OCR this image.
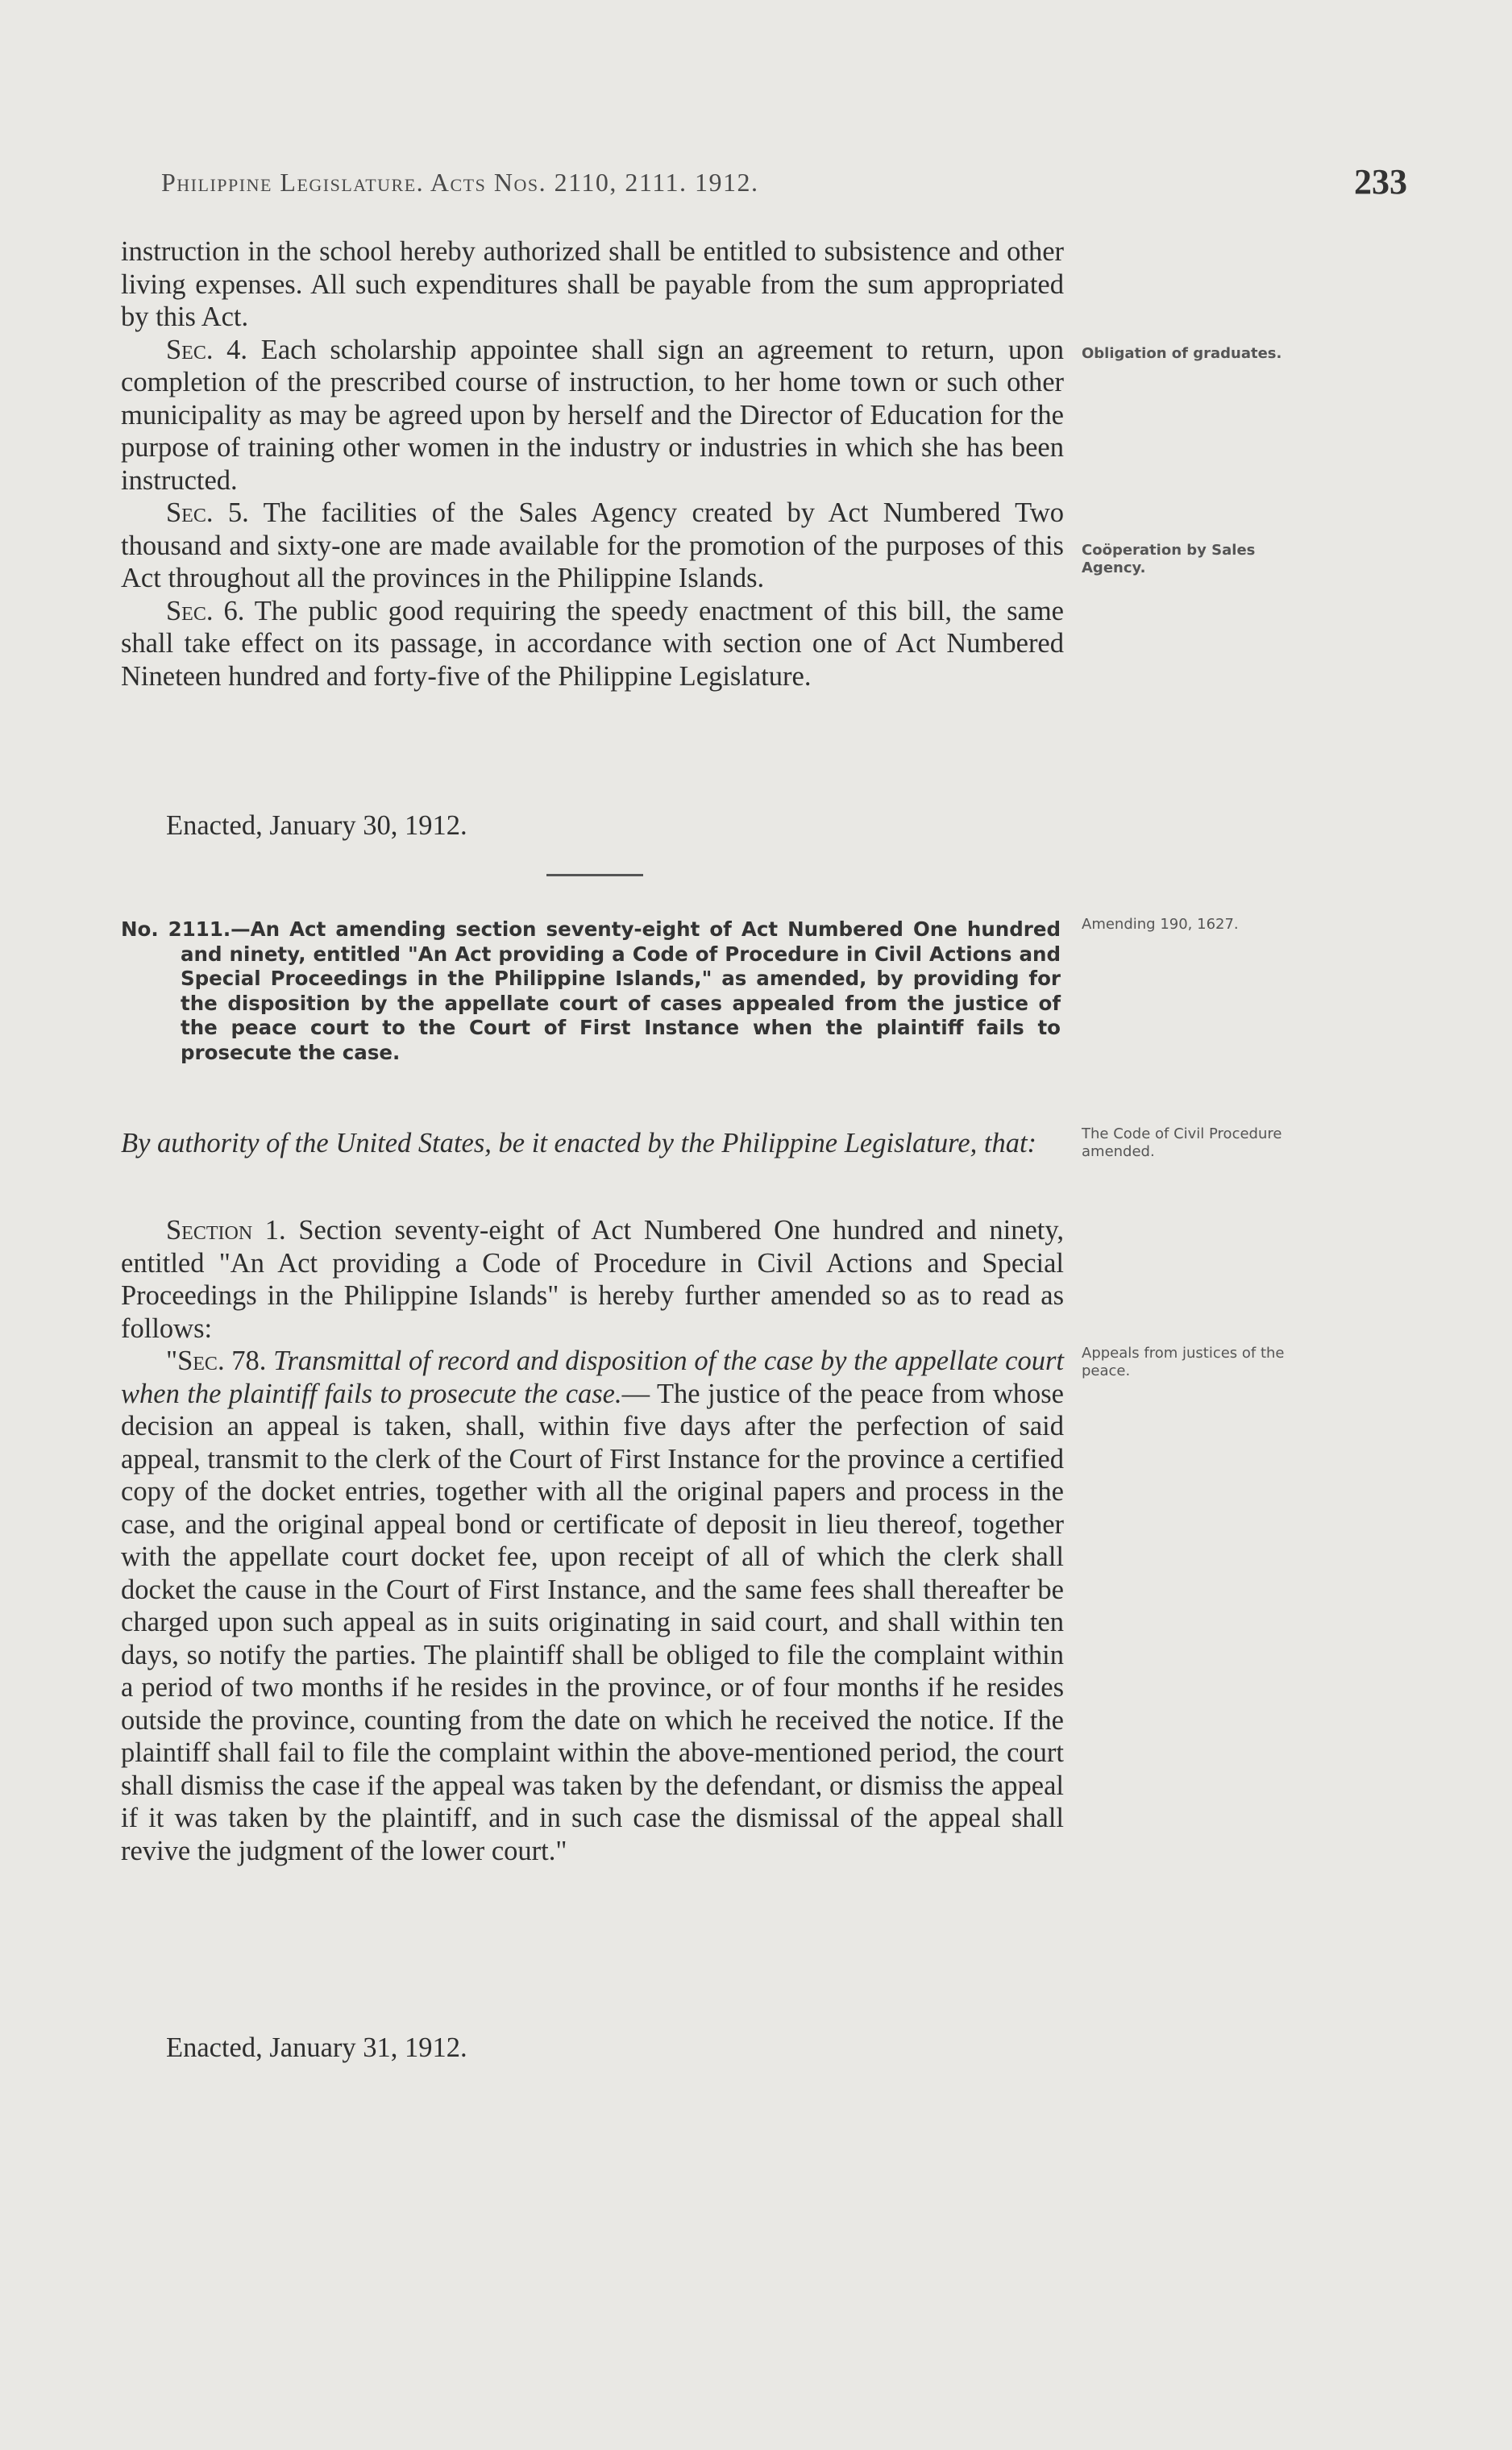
Philippine Legislature. Acts Nos. 2110, 2111. 1912.	233

instruction in the school hereby authorized shall be entitled to subsistence and other living expenses. All such expenditures shall be payable from the sum appropriated by this Act.

Sec. 4. Each scholarship appointee shall sign an agreement to return, upon completion of the prescribed course of instruction, to her home town or such other municipality as may be agreed upon by herself and the Director of Education for the purpose of training other women in the industry or industries in which she has been instructed.

Sec. 5. The facilities of the Sales Agency created by Act Numbered Two thousand and sixty-one are made available for the promotion of the purposes of this Act throughout all the provinces in the Philippine Islands.

Sec. 6. The public good requiring the speedy enactment of this bill, the same shall take effect on its passage, in accordance with section one of Act Numbered Nineteen hundred and forty-five of the Philippine Legislature.

Enacted, January 30, 1912.

No. 2111.—An Act amending section seventy-eight of Act Numbered One hundred and ninety, entitled "An Act providing a Code of Procedure in Civil Actions and Special Proceedings in the Philippine Islands," as amended, by providing for the disposition by the appellate court of cases appealed from the justice of the peace court to the Court of First Instance when the plaintiff fails to prosecute the case.

By authority of the United States, be it enacted by the Philippine Legislature, that:

Section 1. Section seventy-eight of Act Numbered One hundred and ninety, entitled "An Act providing a Code of Procedure in Civil Actions and Special Proceedings in the Philippine Islands" is hereby further amended so as to read as follows:

"Sec. 78. Transmittal of record and disposition of the case by the appellate court when the plaintiff fails to prosecute the case.— The justice of the peace from whose decision an appeal is taken, shall, within five days after the perfection of said appeal, transmit to the clerk of the Court of First Instance for the province a certified copy of the docket entries, together with all the original papers and process in the case, and the original appeal bond or certificate of deposit in lieu thereof, together with the appellate court docket fee, upon receipt of all of which the clerk shall docket the cause in the Court of First Instance, and the same fees shall thereafter be charged upon such appeal as in suits originating in said court, and shall within ten days, so notify the parties. The plaintiff shall be obliged to file the complaint within a period of two months if he resides in the province, or of four months if he resides outside the province, counting from the date on which he received the notice. If the plaintiff shall fail to file the complaint within the above-mentioned period, the court shall dismiss the case if the appeal was taken by the defendant, or dismiss the appeal if it was taken by the plaintiff, and in such case the dismissal of the appeal shall revive the judgment of the lower court."

Enacted, January 31, 1912.

Obligation of graduates.
Coöperation by Sales Agency.
Amending 190, 1627.
The Code of Civil Procedure amended.
Appeals from justices of the peace.
